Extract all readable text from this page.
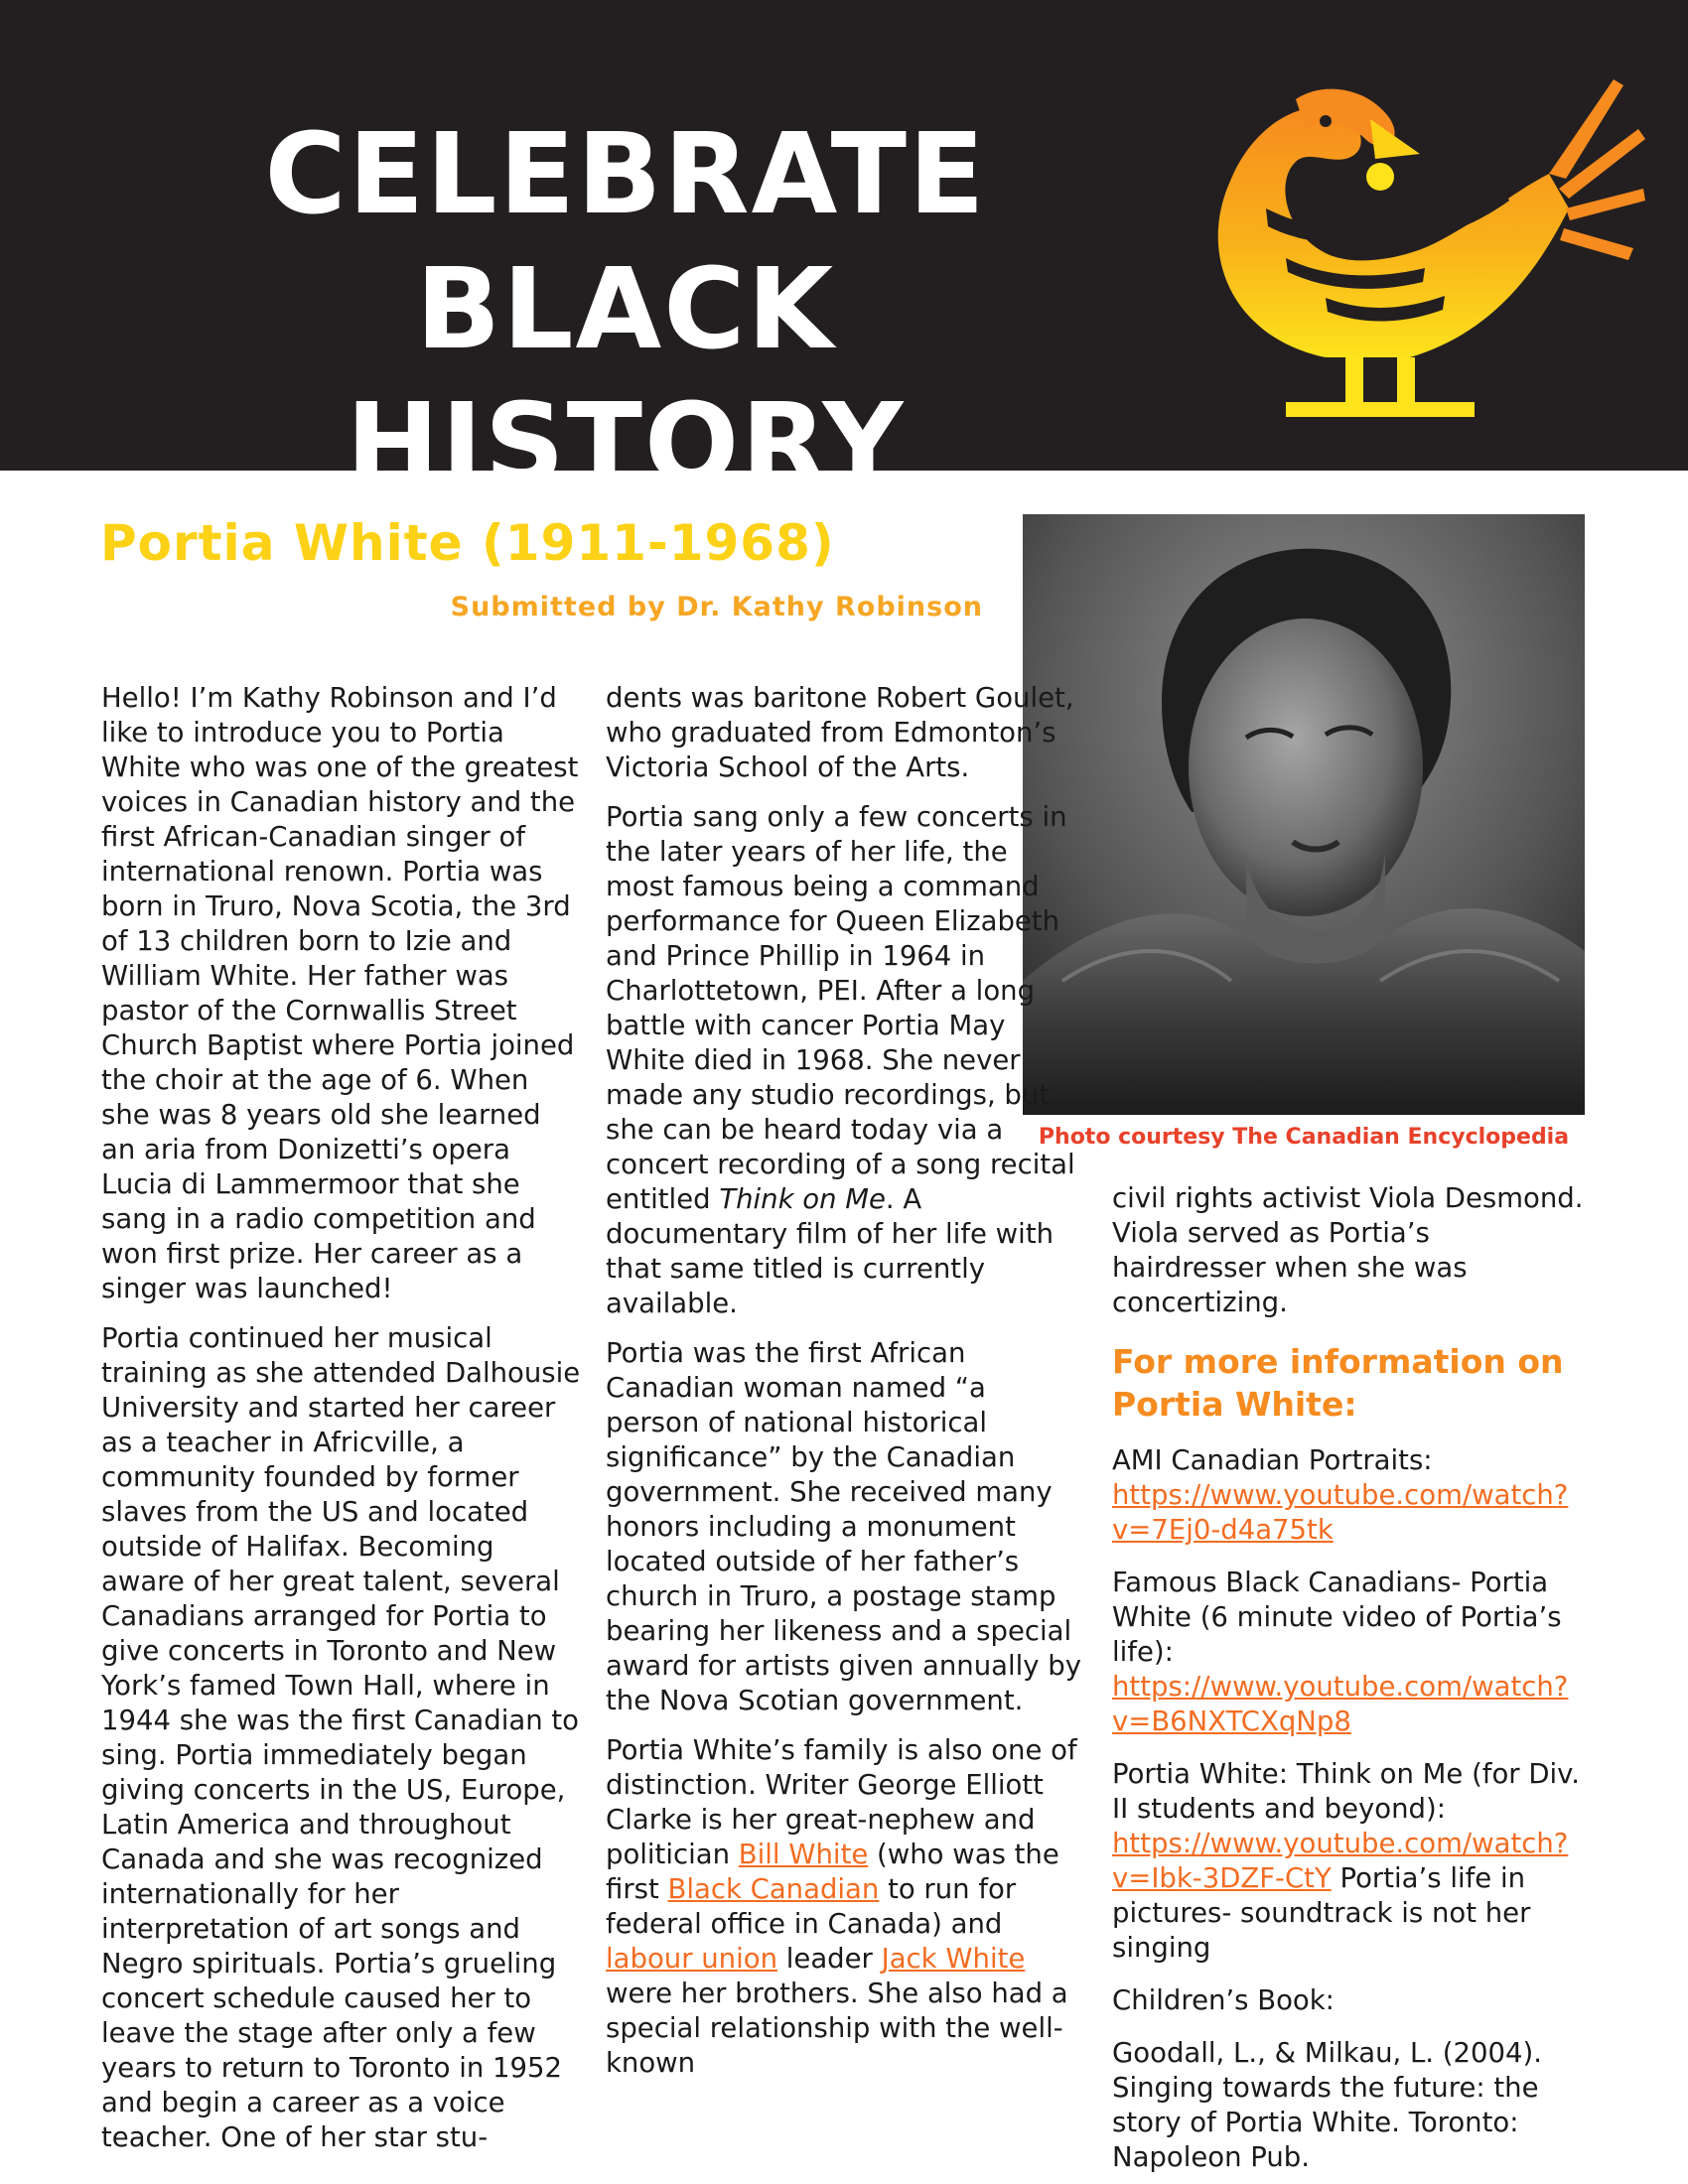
CELEBRATE BLACK
HISTORY
Portia White (1911-1968)

Submitted by Dr. Kathy Robinson

Photo courtesy The Canadian Encyclopedia

Hello! I’m Kathy Robinson and I’d like to introduce you to Portia White who was one of the greatest voices in Canadian history and the first African-Canadian singer of international renown. Portia was born in Truro, Nova Scotia, the 3rd of 13 children born to Izie and William White. Her father was pastor of the Cornwallis Street Church Baptist where Portia joined the choir at the age of 6. When she was 8 years old she learned an aria from Donizetti’s opera Lucia di Lammermoor that she sang in a radio competition and won first prize. Her career as a singer was launched!

Portia continued her musical training as she attended Dalhousie University and started her career as a teacher in Africville, a community founded by former slaves from the US and located outside of Halifax. Becoming aware of her great talent, several Canadians arranged for Portia to give concerts in Toronto and New York’s famed Town Hall, where in 1944 she was the first Canadian to sing. Portia immediately began giving concerts in the US, Europe, Latin America and throughout Canada and she was recognized internationally for her interpretation of art songs and Negro spirituals. Portia’s grueling concert schedule caused her to leave the stage after only a few years to return to Toronto in 1952 and begin a career as a voice teacher. One of her star stu-

dents was baritone Robert Goulet, who graduated from Edmonton’s Victoria School of the Arts.

Portia sang only a few concerts in the later years of her life, the most famous being a command performance for Queen Elizabeth and Prince Phillip in 1964 in Charlottetown, PEI. After a long battle with cancer Portia May White died in 1968. She never made any studio recordings, but she can be heard today via a concert recording of a song recital entitled Think on Me. A documentary film of her life with that same titled is currently available.

Portia was the first African Canadian woman named “a person of national historical significance” by the Canadian government. She received many honors including a monument located outside of her father’s church in Truro, a postage stamp bearing her likeness and a special award for artists given annually by the Nova Scotian government.

Portia White’s family is also one of distinction. Writer George Elliott Clarke is her great-nephew and politician Bill White (who was the first Black Canadian to run for federal office in Canada) and labour union leader Jack White were her brothers. She also had a special relationship with the well-known

civil rights activist Viola Desmond. Viola served as Portia’s hairdresser when she was concertizing.

For more information on Portia White:

AMI Canadian Portraits: https://www.youtube.com/watch?v=7Ej0-d4a75tk

Famous Black Canadians- Portia White (6 minute video of Portia’s life): https://www.youtube.com/watch?v=B6NXTCXqNp8

Portia White: Think on Me (for Div. II students and beyond): https://www.youtube.com/watch?v=Ibk-3DZF-CtY Portia’s life in pictures- soundtrack is not her singing

Children’s Book:

Goodall, L., & Milkau, L. (2004). Singing towards the future: the story of Portia White. Toronto: Napoleon Pub.
